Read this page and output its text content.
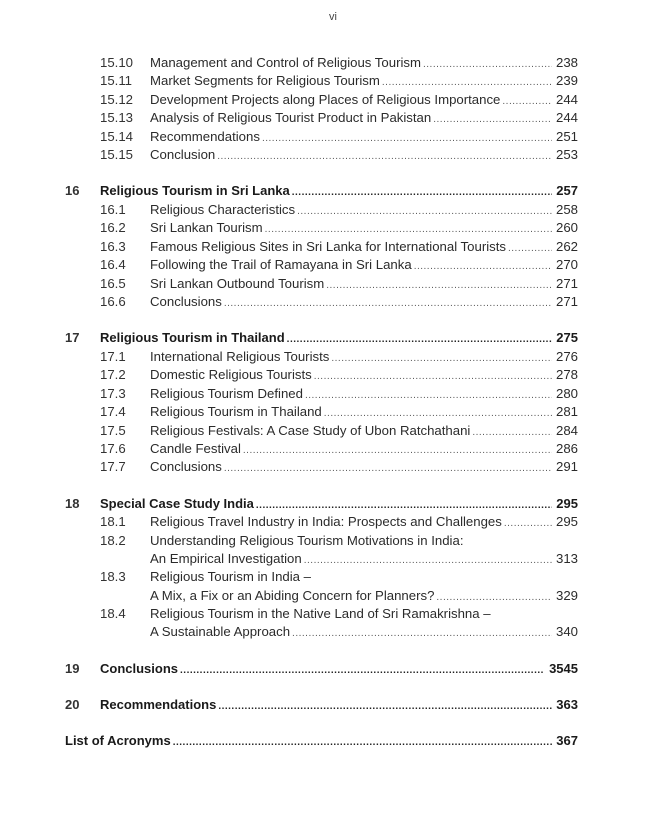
vi
15.10 Management and Control of Religious Tourism .....	238
15.11 Market Segments for Religious Tourism .....	239
15.12 Development Projects along Places of Religious Importance .....	244
15.13 Analysis of Religious Tourist Product in Pakistan .....	244
15.14 Recommendations .....	251
15.15 Conclusion .....	253
16 Religious Tourism in Sri Lanka .....	257
16.1 Religious Characteristics .....	258
16.2 Sri Lankan Tourism .....	260
16.3 Famous Religious Sites in Sri Lanka for International Tourists .....	262
16.4 Following the Trail of Ramayana in Sri Lanka .....	270
16.5 Sri Lankan Outbound Tourism .....	271
16.6 Conclusions .....	271
17 Religious Tourism in Thailand .....	275
17.1 International Religious Tourists .....	276
17.2 Domestic Religious Tourists .....	278
17.3 Religious Tourism Defined .....	280
17.4 Religious Tourism in Thailand .....	281
17.5 Religious Festivals: A Case Study of Ubon Ratchathani .....	284
17.6 Candle Festival .....	286
17.7 Conclusions .....	291
18 Special Case Study India .....	295
18.1 Religious Travel Industry in India: Prospects and Challenges .....	295
18.2 Understanding Religious Tourism Motivations in India:
An Empirical Investigation .....	313
18.3 Religious Tourism in India –
A Mix, a Fix or an Abiding Concern for Planners? .....	329
18.4 Religious Tourism in the Native Land of Sri Ramakrishna –
A Sustainable Approach .....	340
19 Conclusions .....	3545
20 Recommendations .....	363
List of Acronyms .....	367
